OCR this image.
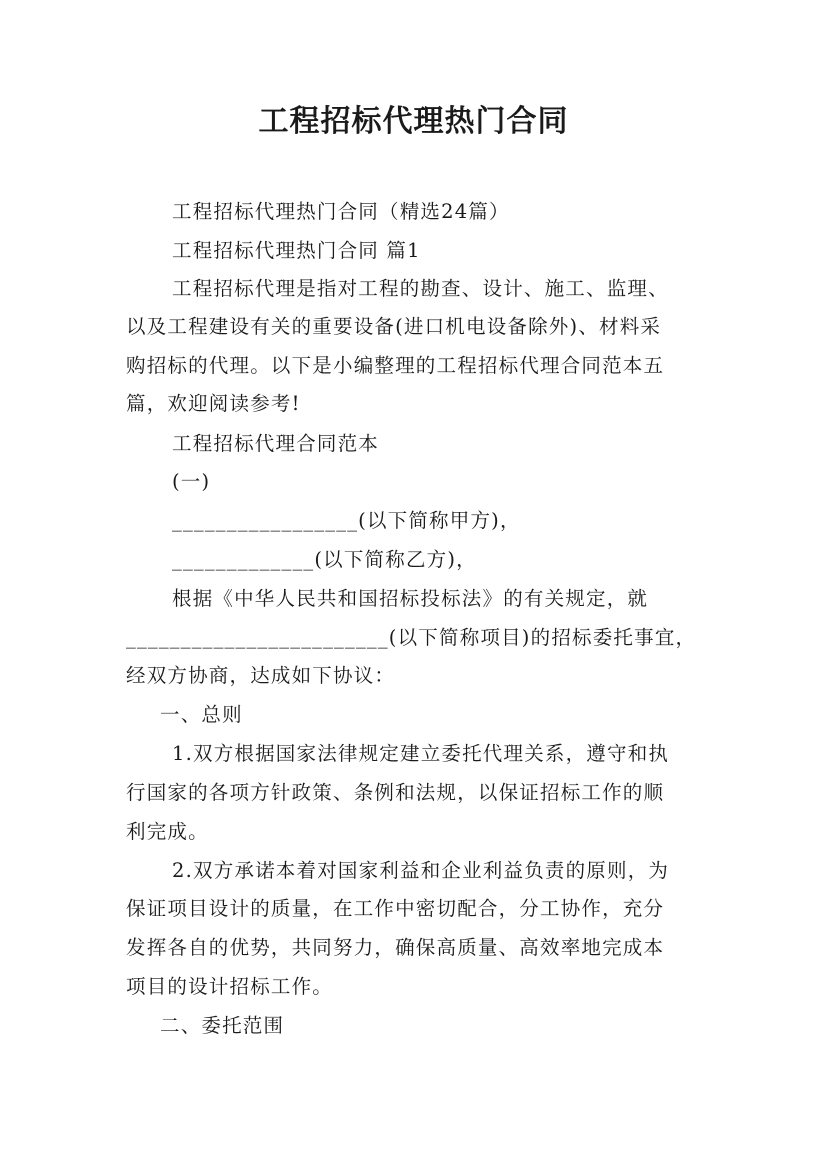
工程招标代理热门合同
工程招标代理热门合同（精选24篇）
工程招标代理热门合同 篇1
工程招标代理是指对工程的勘查、设计、施工、监理、
以及工程建设有关的重要设备(进口机电设备除外)、材料采
购招标的代理。以下是小编整理的工程招标代理合同范本五
篇，欢迎阅读参考!
工程招标代理合同范本
(一)
_________________(以下简称甲方)，
_____________(以下简称乙方)，
根据《中华人民共和国招标投标法》的有关规定，就
________________________(以下简称项目)的招标委托事宜，
经双方协商，达成如下协议：
一、总则
1.双方根据国家法律规定建立委托代理关系，遵守和执
行国家的各项方针政策、条例和法规，以保证招标工作的顺
利完成。
2.双方承诺本着对国家利益和企业利益负责的原则，为
保证项目设计的质量，在工作中密切配合，分工协作，充分
发挥各自的优势，共同努力，确保高质量、高效率地完成本
项目的设计招标工作。
二、委托范围
